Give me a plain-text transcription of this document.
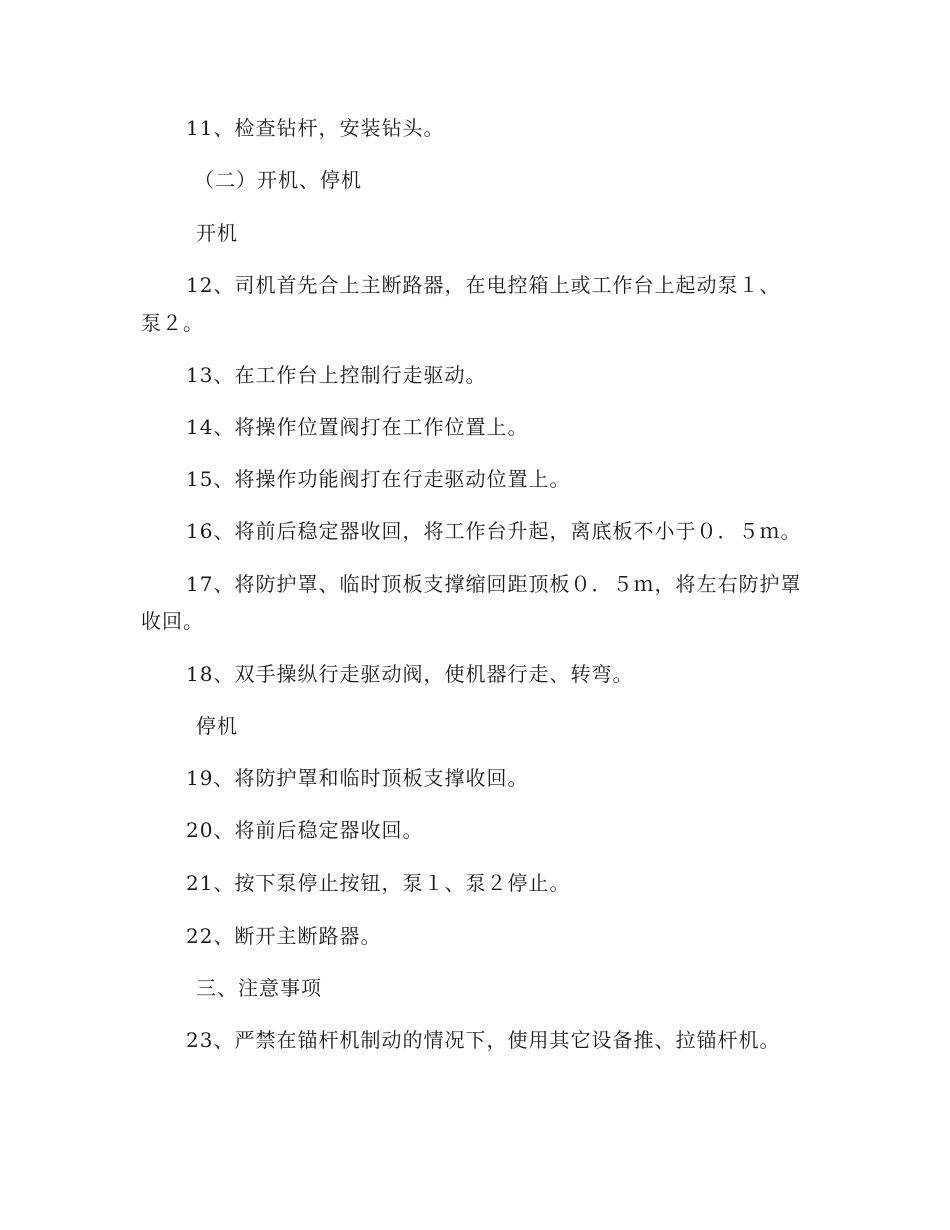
11、检查钻杆，安装钻头。
（二）开机、停机
开机
12、司机首先合上主断路器，在电控箱上或工作台上起动泵１、
泵２。
13、在工作台上控制行走驱动。
14、将操作位置阀打在工作位置上。
15、将操作功能阀打在行走驱动位置上。
16、将前后稳定器收回，将工作台升起，离底板不小于０．５ｍ。
17、将防护罩、临时顶板支撑缩回距顶板０．５ｍ，将左右防护罩
收回。
18、双手操纵行走驱动阀，使机器行走、转弯。
停机
19、将防护罩和临时顶板支撑收回。
20、将前后稳定器收回。
21、按下泵停止按钮，泵１、泵２停止。
22、断开主断路器。
三、注意事项
23、严禁在锚杆机制动的情况下，使用其它设备推、拉锚杆机。
